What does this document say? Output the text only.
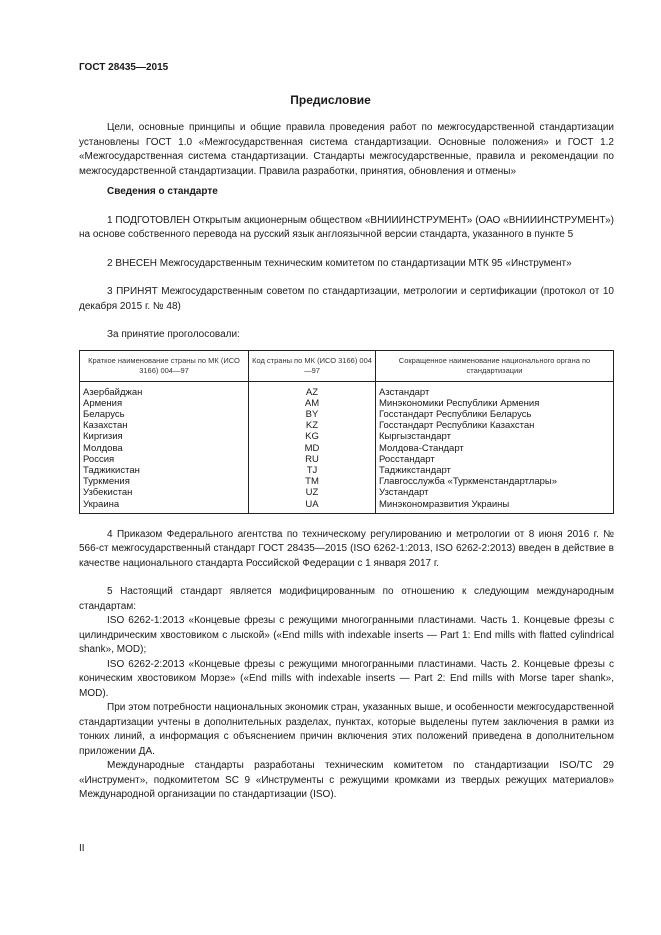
ГОСТ 28435—2015
Предисловие

Цели, основные принципы и общие правила проведения работ по межгосударственной стандартизации установлены ГОСТ 1.0 «Межгосударственная система стандартизации. Основные положения» и ГОСТ 1.2 «Межгосударственная система стандартизации. Стандарты межгосударственные, правила и рекомендации по межгосударственной стандартизации. Правила разработки, принятия, обновления и отмены»

Сведения о стандарте

1 ПОДГОТОВЛЕН Открытым акционерным обществом «ВНИИИНСТРУМЕНТ» (ОАО «ВНИИИНСТРУМЕНТ») на основе собственного перевода на русский язык англоязычной версии стандарта, указанного в пункте 5

2 ВНЕСЕН Межгосударственным техническим комитетом по стандартизации МТК 95 «Инструмент»

3 ПРИНЯТ Межгосударственным советом по стандартизации, метрологии и сертификации (протокол от 10 декабря 2015 г. № 48)

За принятие проголосовали:

Краткое наименование страны по МК (ИСО 3166) 004—97	Код страны по МК (ИСО 3166) 004—97	Сокращенное наименование национального органа по стандартизации
Азербайджан	AZ	Азстандарт
Армения	AM	Минэкономики Республики Армения
Беларусь	BY	Госстандарт Республики Беларусь
Казахстан	KZ	Госстандарт Республики Казахстан
Киргизия	KG	Кыргызстандарт
Молдова	MD	Молдова-Стандарт
Россия	RU	Росстандарт
Таджикистан	TJ	Таджикстандарт
Туркмения	TM	Главгосслужба «Туркменстандартлары»
Узбекистан	UZ	Узстандарт
Украина	UA	Минэкономразвития Украины

4 Приказом Федерального агентства по техническому регулированию и метрологии от 8 июня 2016 г. № 566-ст межгосударственный стандарт ГОСТ 28435—2015 (ISO 6262-1:2013, ISO 6262-2:2013) введен в действие в качестве национального стандарта Российской Федерации с 1 января 2017 г.

5 Настоящий стандарт является модифицированным по отношению к следующим международным стандартам:

ISO 6262-1:2013 «Концевые фрезы с режущими многогранными пластинами. Часть 1. Концевые фрезы с цилиндрическим хвостовиком с лыской» («End mills with indexable inserts — Part 1: End mills with flatted cylindrical shank», MOD);

ISO 6262-2:2013 «Концевые фрезы с режущими многогранными пластинами. Часть 2. Концевые фрезы с коническим хвостовиком Морзе» («End mills with indexable inserts — Part 2: End mills with Morse taper shank», MOD).

При этом потребности национальных экономик стран, указанных выше, и особенности межгосударственной стандартизации учтены в дополнительных разделах, пунктах, которые выделены путем заключения в рамки из тонких линий, а информация с объяснением причин включения этих положений приведена в дополнительном приложении ДА.

Международные стандарты разработаны техническим комитетом по стандартизации ISO/TC 29 «Инструмент», подкомитетом SC 9 «Инструменты с режущими кромками из твердых режущих материалов» Международной организации по стандартизации (ISO).

II
